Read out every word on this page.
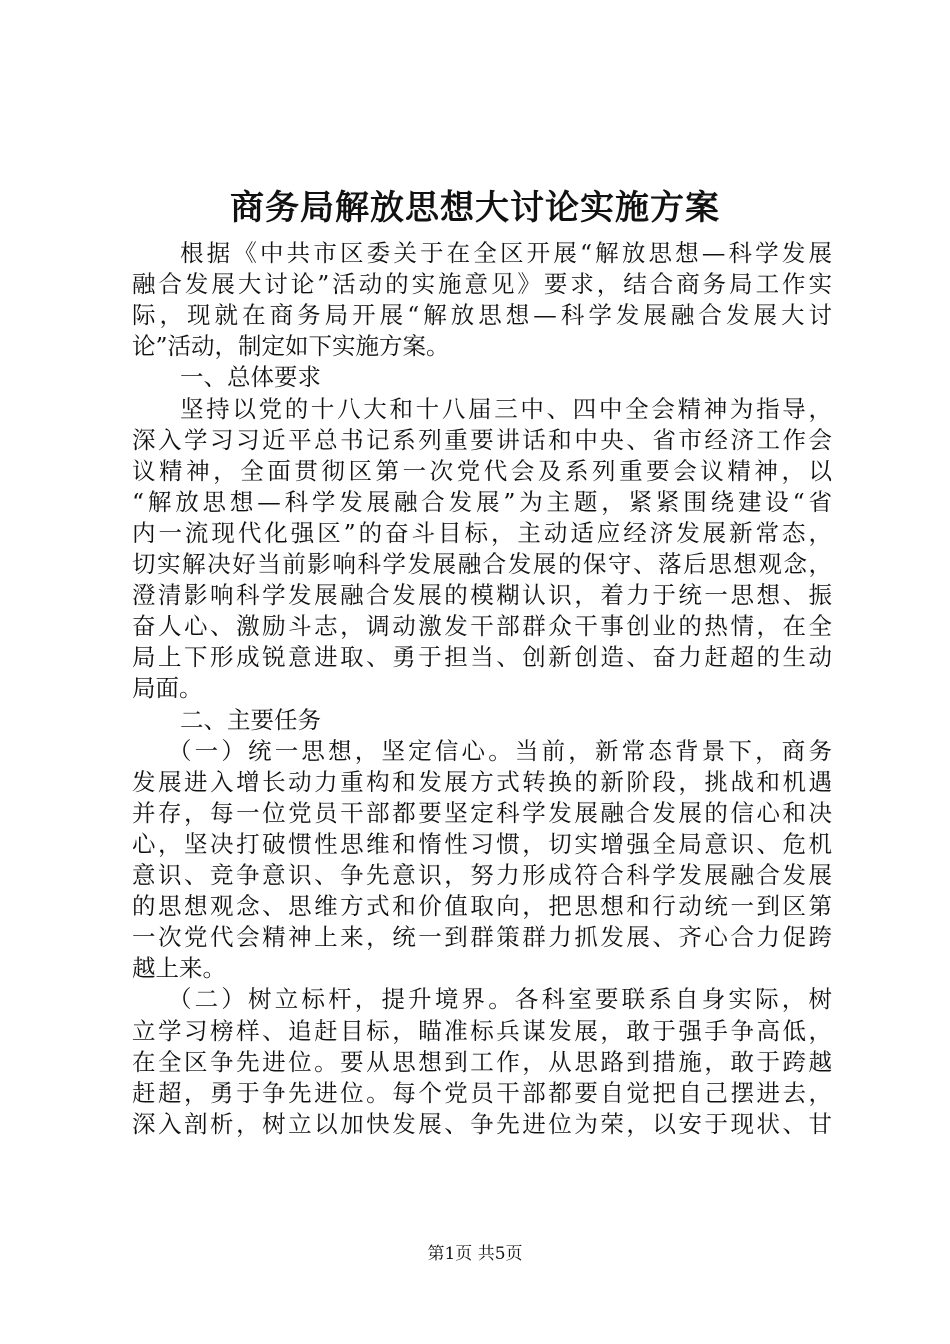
商务局解放思想大讨论实施方案
根据《中共市区委关于在全区开展“解放思想—科学发展
融合发展大讨论”活动的实施意见》要求，结合商务局工作实
际，现就在商务局开展“解放思想—科学发展融合发展大讨
论”活动，制定如下实施方案。
一、总体要求
坚持以党的十八大和十八届三中、四中全会精神为指导，
深入学习习近平总书记系列重要讲话和中央、省市经济工作会
议精神，全面贯彻区第一次党代会及系列重要会议精神，以
“解放思想—科学发展融合发展”为主题，紧紧围绕建设“省
内一流现代化强区”的奋斗目标，主动适应经济发展新常态，
切实解决好当前影响科学发展融合发展的保守、落后思想观念，
澄清影响科学发展融合发展的模糊认识，着力于统一思想、振
奋人心、激励斗志，调动激发干部群众干事创业的热情，在全
局上下形成锐意进取、勇于担当、创新创造、奋力赶超的生动
局面。
二、主要任务
（一）统一思想，坚定信心。当前，新常态背景下，商务
发展进入增长动力重构和发展方式转换的新阶段，挑战和机遇
并存，每一位党员干部都要坚定科学发展融合发展的信心和决
心，坚决打破惯性思维和惰性习惯，切实增强全局意识、危机
意识、竞争意识、争先意识，努力形成符合科学发展融合发展
的思想观念、思维方式和价值取向，把思想和行动统一到区第
一次党代会精神上来，统一到群策群力抓发展、齐心合力促跨
越上来。
（二）树立标杆，提升境界。各科室要联系自身实际，树
立学习榜样、追赶目标，瞄准标兵谋发展，敢于强手争高低，
在全区争先进位。要从思想到工作，从思路到措施，敢于跨越
赶超，勇于争先进位。每个党员干部都要自觉把自己摆进去，
深入剖析，树立以加快发展、争先进位为荣，以安于现状、甘
第1页 共5页
